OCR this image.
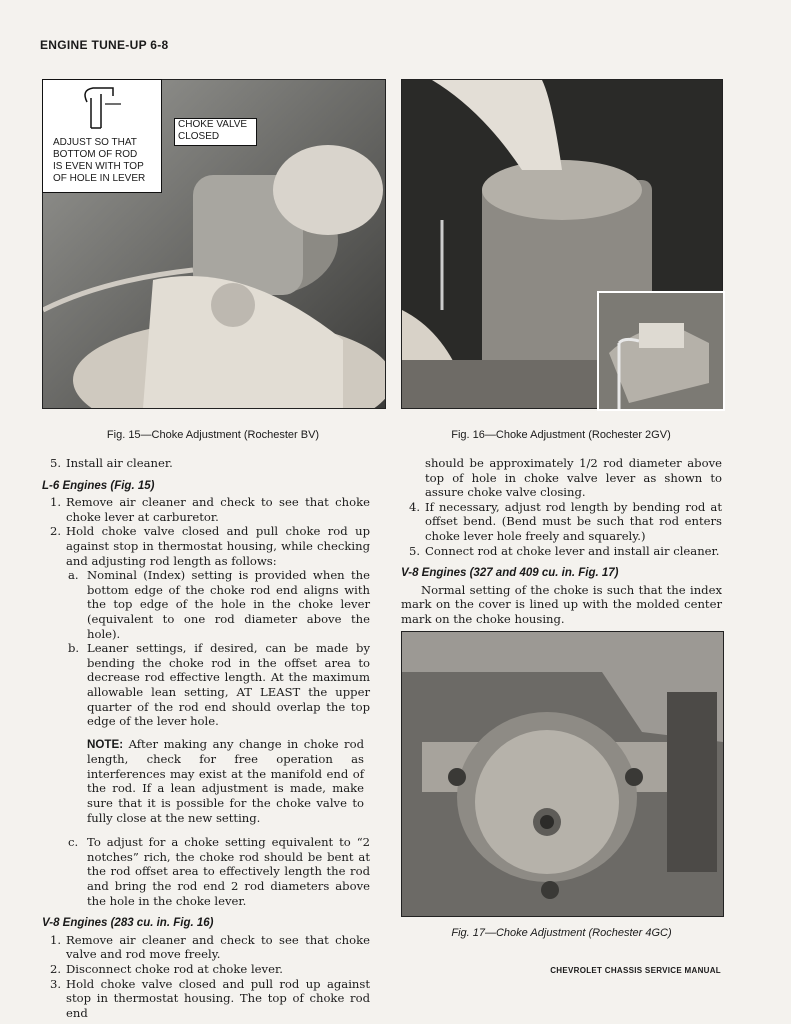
ENGINE TUNE-UP 6-8
ADJUST SO THAT
BOTTOM OF ROD
IS EVEN WITH TOP
OF HOLE IN LEVER
CHOKE VALVE
CLOSED
Fig. 15—Choke Adjustment (Rochester BV)	Fig. 16—Choke Adjustment (Rochester 2GV)
Fig. 17—Choke Adjustment (Rochester 4GC)
5. Install air cleaner.
L-6 Engines (Fig. 15)
1. Remove air cleaner and check to see that choke choke lever at carburetor.
2. Hold choke valve closed and pull choke rod up against stop in thermostat housing, while checking and adjusting rod length as follows:
a. Nominal (Index) setting is provided when the bottom edge of the choke rod end aligns with the top edge of the hole in the choke lever (equivalent to one rod diameter above the hole).
b. Leaner settings, if desired, can be made by bending the choke rod in the offset area to decrease rod effective length. At the maximum allowable lean setting, AT LEAST the upper quarter of the rod end should overlap the top edge of the lever hole.
NOTE: After making any change in choke rod length, check for free operation as interferences may exist at the manifold end of the rod. If a lean adjustment is made, make sure that it is possible for the choke valve to fully close at the new setting.
c. To adjust for a choke setting equivalent to “2 notches” rich, the choke rod should be bent at the rod offset area to effectively length the rod and bring the rod end 2 rod diameters above the hole in the choke lever.
V-8 Engines (283 cu. in. Fig. 16)
1. Remove air cleaner and check to see that choke valve and rod move freely.
2. Disconnect choke rod at choke lever.
3. Hold choke valve closed and pull rod up against stop in thermostat housing. The top of choke rod end
should be approximately 1/2 rod diameter above top of hole in choke valve lever as shown to assure choke valve closing.
4. If necessary, adjust rod length by bending rod at offset bend. (Bend must be such that rod enters choke lever hole freely and squarely.)
5. Connect rod at choke lever and install air cleaner.
V-8 Engines (327 and 409 cu. in. Fig. 17)

Normal setting of the choke is such that the index mark on the cover is lined up with the molded center mark on the choke housing.

CHEVROLET CHASSIS SERVICE MANUAL
